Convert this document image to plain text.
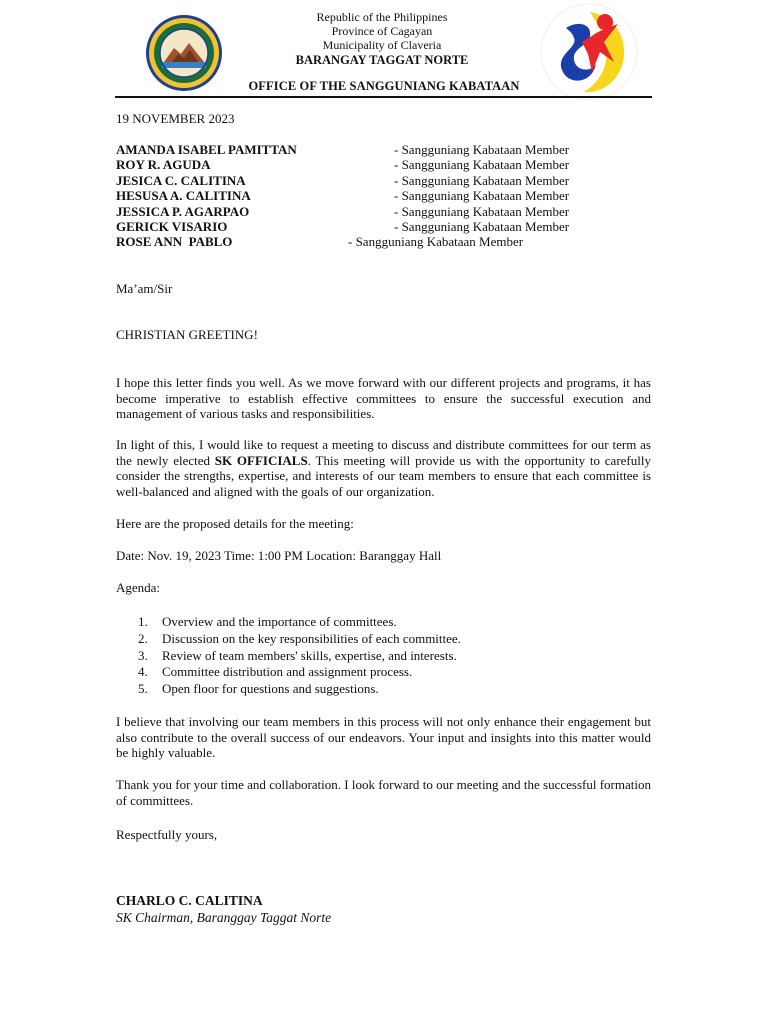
Republic of the Philippines
Province of Cagayan
Municipality of Claveria
BARANGAY TAGGAT NORTE
OFFICE OF THE SANGGUNIANG KABATAAN
19 NOVEMBER 2023
AMANDA ISABEL PAMITTAN	- Sangguniang Kabataan Member
ROY R. AGUDA	- Sangguniang Kabataan Member
JESICA C. CALITINA	- Sangguniang Kabataan Member
HESUSA A. CALITINA	- Sangguniang Kabataan Member
JESSICA P. AGARPAO	- Sangguniang Kabataan Member
GERICK VISARIO	- Sangguniang Kabataan Member
ROSE ANN  PABLO	- Sangguniang Kabataan Member
Ma’am/Sir
CHRISTIAN GREETING!

I hope this letter finds you well. As we move forward with our different projects and programs, it has become imperative to establish effective committees to ensure the successful execution and management of various tasks and responsibilities.

In light of this, I would like to request a meeting to discuss and distribute committees for our term as the newly elected SK OFFICIALS. This meeting will provide us with the opportunity to carefully consider the strengths, expertise, and interests of our team members to ensure that each committee is well-balanced and aligned with the goals of our organization.

Here are the proposed details for the meeting:

Date: Nov. 19, 2023 Time: 1:00 PM Location: Baranggay Hall

Agenda:

1. Overview and the importance of committees.
2. Discussion on the key responsibilities of each committee.
3. Review of team members' skills, expertise, and interests.
4. Committee distribution and assignment process.
5. Open floor for questions and suggestions.

I believe that involving our team members in this process will not only enhance their engagement but also contribute to the overall success of our endeavors. Your input and insights into this matter would be highly valuable.

Thank you for your time and collaboration. I look forward to our meeting and the successful formation of committees.

Respectfully yours,

CHARLO C. CALITINA
SK Chairman, Baranggay Taggat Norte
